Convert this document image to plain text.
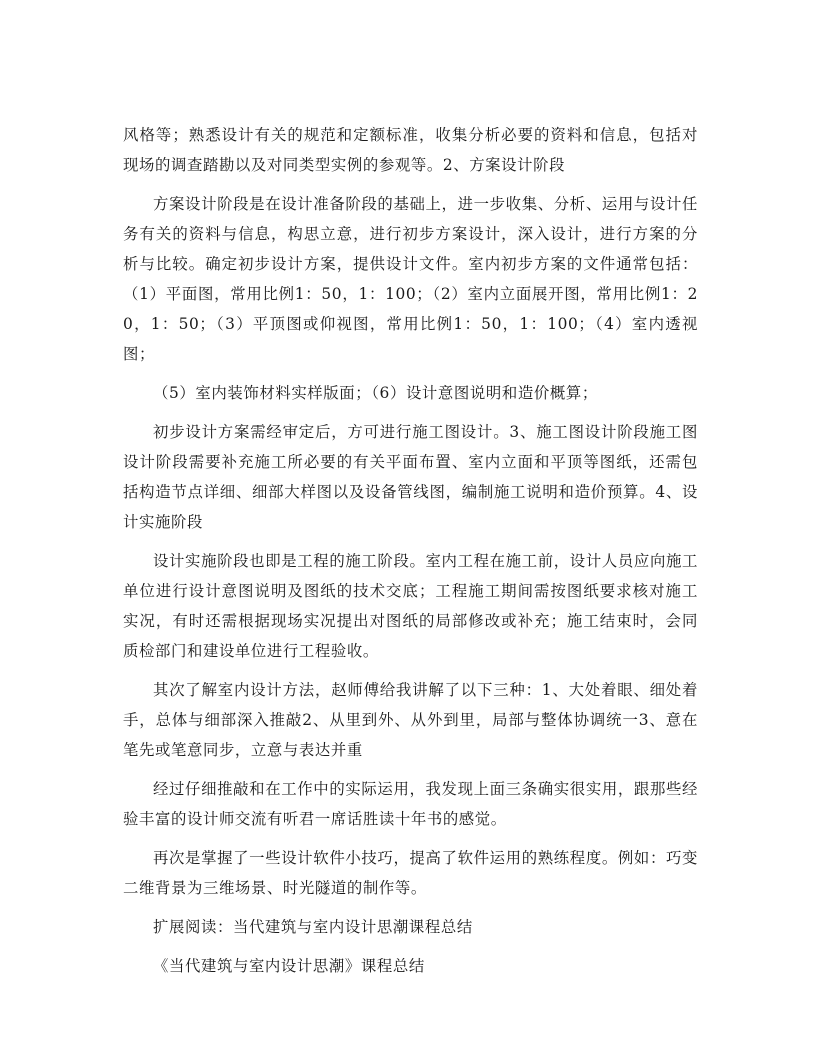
风格等；熟悉设计有关的规范和定额标准，收集分析必要的资料和信息，包括对现场的调查踏勘以及对同类型实例的参观等。2、方案设计阶段

方案设计阶段是在设计准备阶段的基础上，进一步收集、分析、运用与设计任务有关的资料与信息，构思立意，进行初步方案设计，深入设计，进行方案的分析与比较。确定初步设计方案，提供设计文件。室内初步方案的文件通常包括：（1）平面图，常用比例1：50，1：100；（2）室内立面展开图，常用比例1：20，1：50；（3）平顶图或仰视图，常用比例1：50，1：100；（4）室内透视图；

（5）室内装饰材料实样版面；（6）设计意图说明和造价概算；

初步设计方案需经审定后，方可进行施工图设计。3、施工图设计阶段施工图设计阶段需要补充施工所必要的有关平面布置、室内立面和平顶等图纸，还需包括构造节点详细、细部大样图以及设备管线图，编制施工说明和造价预算。4、设计实施阶段

设计实施阶段也即是工程的施工阶段。室内工程在施工前，设计人员应向施工单位进行设计意图说明及图纸的技术交底；工程施工期间需按图纸要求核对施工实况，有时还需根据现场实况提出对图纸的局部修改或补充；施工结束时，会同质检部门和建设单位进行工程验收。

其次了解室内设计方法，赵师傅给我讲解了以下三种：1、大处着眼、细处着手，总体与细部深入推敲2、从里到外、从外到里，局部与整体协调统一3、意在笔先或笔意同步，立意与表达并重

经过仔细推敲和在工作中的实际运用，我发现上面三条确实很实用，跟那些经验丰富的设计师交流有听君一席话胜读十年书的感觉。

再次是掌握了一些设计软件小技巧，提高了软件运用的熟练程度。例如：巧变二维背景为三维场景、时光隧道的制作等。

扩展阅读：当代建筑与室内设计思潮课程总结

《当代建筑与室内设计思潮》课程总结
